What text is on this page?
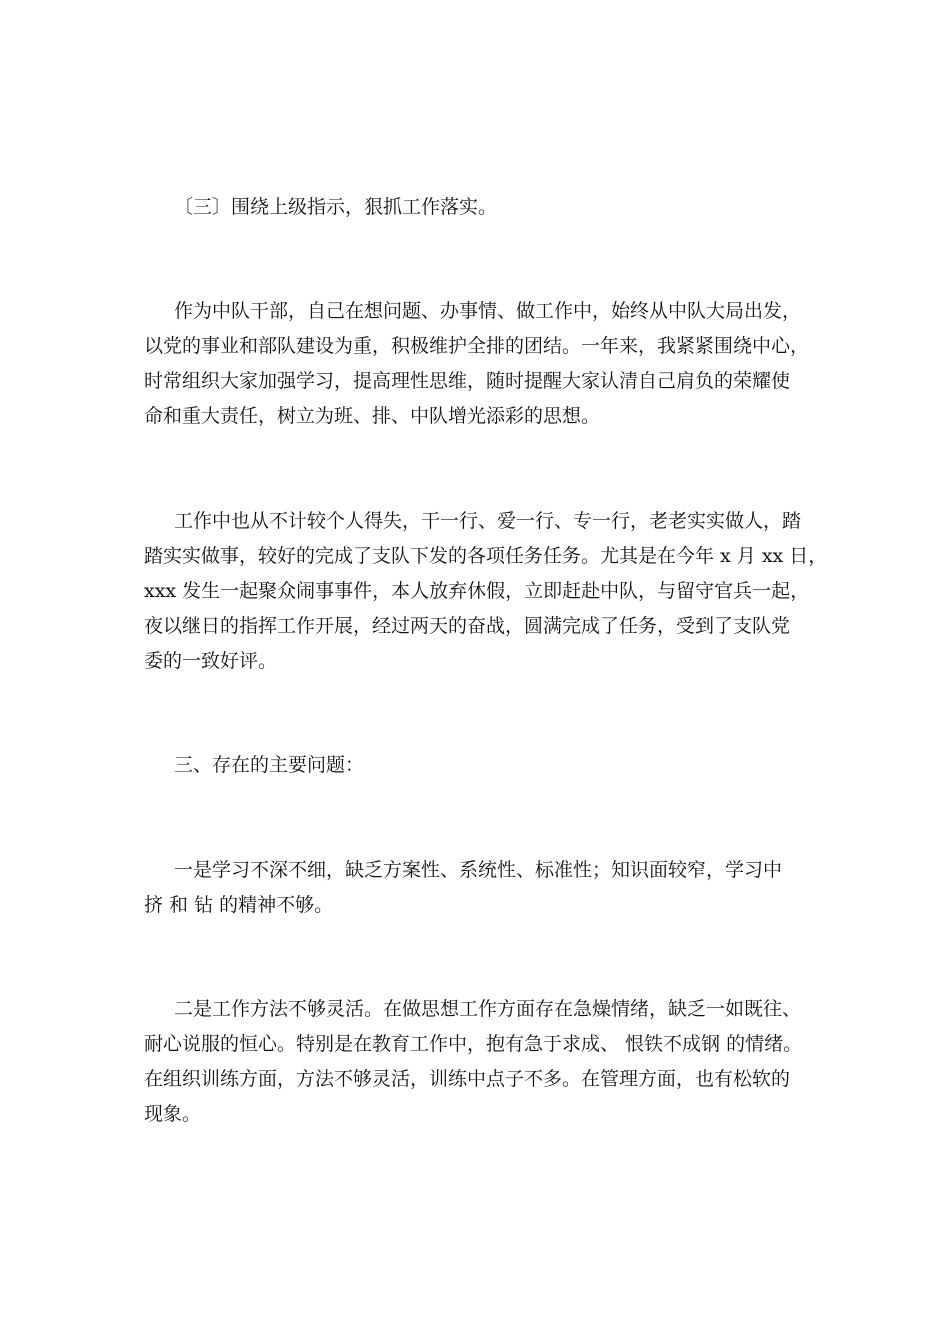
〔三〕围绕上级指示，狠抓工作落实。
作为中队干部，自己在想问题、办事情、做工作中，始终从中队大局出发，
以党的事业和部队建设为重，积极维护全排的团结。一年来，我紧紧围绕中心，
时常组织大家加强学习，提高理性思维，随时提醒大家认清自己肩负的荣耀使
命和重大责任，树立为班、排、中队增光添彩的思想。
工作中也从不计较个人得失，干一行、爱一行、专一行，老老实实做人，踏
踏实实做事，较好的完成了支队下发的各项任务任务。尤其是在今年 x 月 xx 日，
xxx 发生一起聚众闹事事件，本人放弃休假，立即赶赴中队，与留守官兵一起，
夜以继日的指挥工作开展，经过两天的奋战，圆满完成了任务，受到了支队党
委的一致好评。
三、存在的主要问题：
一是学习不深不细，缺乏方案性、系统性、标准性；知识面较窄，学习中
挤 和 钻 的精神不够。
二是工作方法不够灵活。在做思想工作方面存在急燥情绪，缺乏一如既往、
耐心说服的恒心。特别是在教育工作中，抱有急于求成、 恨铁不成钢 的情绪。
在组织训练方面，方法不够灵活，训练中点子不多。在管理方面，也有松软的
现象。
